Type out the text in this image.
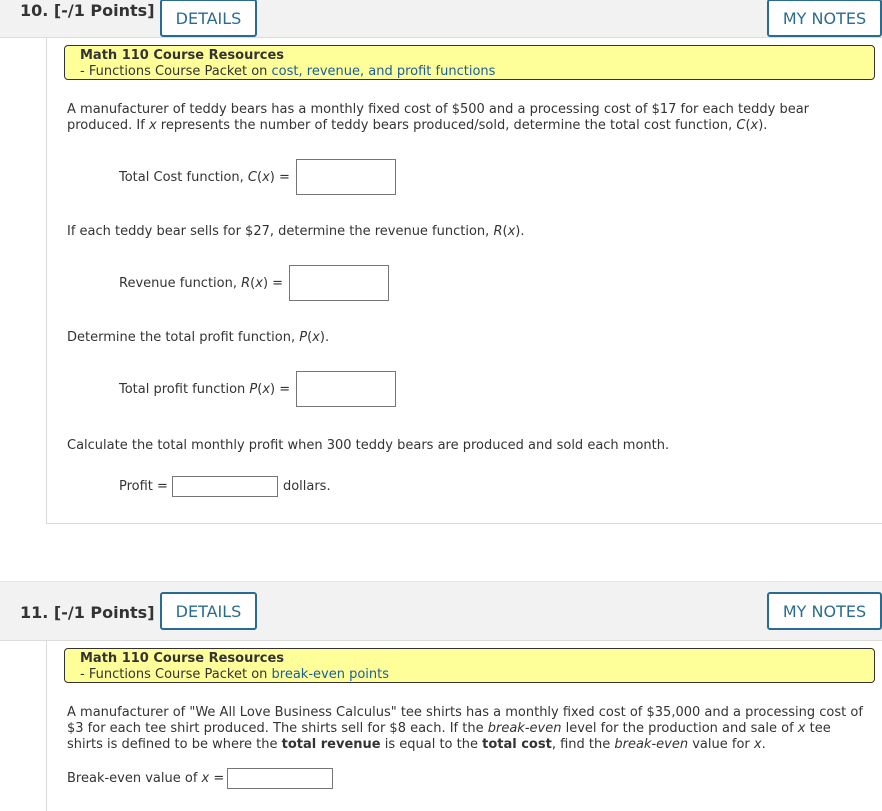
10. [-/1 Points]	DETAILS	MY NOTES
Math 110 Course Resources
- Functions Course Packet on cost, revenue, and profit functions
A manufacturer of teddy bears has a monthly fixed cost of $500 and a processing cost of $17 for each teddy bear
produced. If x represents the number of teddy bears produced/sold, determine the total cost function, C(x).
Total Cost function, C(x) =
If each teddy bear sells for $27, determine the revenue function, R(x).
Revenue function, R(x) =
Determine the total profit function, P(x).
Total profit function P(x) =
Calculate the total monthly profit when 300 teddy bears are produced and sold each month.
Profit =	dollars.
11. [-/1 Points]	DETAILS	MY NOTES
Math 110 Course Resources
- Functions Course Packet on break-even points
A manufacturer of "We All Love Business Calculus" tee shirts has a monthly fixed cost of $35,000 and a processing cost of
$3 for each tee shirt produced. The shirts sell for $8 each. If the break-even level for the production and sale of x tee
shirts is defined to be where the total revenue is equal to the total cost, find the break-even value for x.
Break-even value of x =
